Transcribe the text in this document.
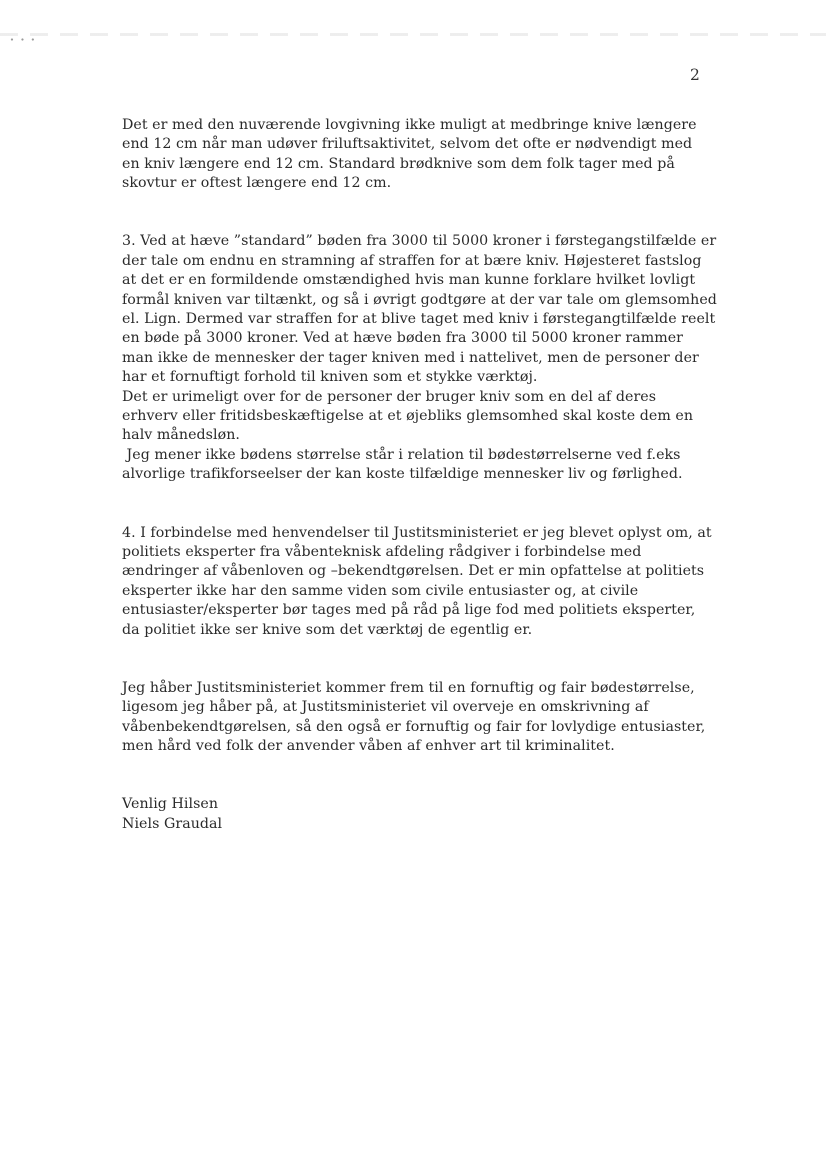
∙ ∙ ∙
2

Det er med den nuværende lovgivning ikke muligt at medbringe knive længere
end 12 cm når man udøver friluftsaktivitet, selvom det ofte er nødvendigt med
en kniv længere end 12 cm. Standard brødknive som dem folk tager med på
skovtur er oftest længere end 12 cm.

3. Ved at hæve ”standard” bøden fra 3000 til 5000 kroner i førstegangstilfælde er
der tale om endnu en stramning af straffen for at bære kniv. Højesteret fastslog
at det er en formildende omstændighed hvis man kunne forklare hvilket lovligt
formål kniven var tiltænkt, og så i øvrigt godtgøre at der var tale om glemsomhed
el. Lign. Dermed var straffen for at blive taget med kniv i førstegangtilfælde reelt
en bøde på 3000 kroner. Ved at hæve bøden fra 3000 til 5000 kroner rammer
man ikke de mennesker der tager kniven med i nattelivet, men de personer der
har et fornuftigt forhold til kniven som et stykke værktøj.
Det er urimeligt over for de personer der bruger kniv som en del af deres
erhverv eller fritidsbeskæftigelse at et øjebliks glemsomhed skal koste dem en
halv månedsløn.
Jeg mener ikke bødens størrelse står i relation til bødestørrelserne ved f.eks
alvorlige trafikforseelser der kan koste tilfældige mennesker liv og førlighed.

4. I forbindelse med henvendelser til Justitsministeriet er jeg blevet oplyst om, at
politiets eksperter fra våbenteknisk afdeling rådgiver i forbindelse med
ændringer af våbenloven og –bekendtgørelsen. Det er min opfattelse at politiets
eksperter ikke har den samme viden som civile entusiaster og, at civile
entusiaster/eksperter bør tages med på råd på lige fod med politiets eksperter,
da politiet ikke ser knive som det værktøj de egentlig er.

Jeg håber Justitsministeriet kommer frem til en fornuftig og fair bødestørrelse,
ligesom jeg håber på, at Justitsministeriet vil overveje en omskrivning af
våbenbekendtgørelsen, så den også er fornuftig og fair for lovlydige entusiaster,
men hård ved folk der anvender våben af enhver art til kriminalitet.

Venlig Hilsen
Niels Graudal
